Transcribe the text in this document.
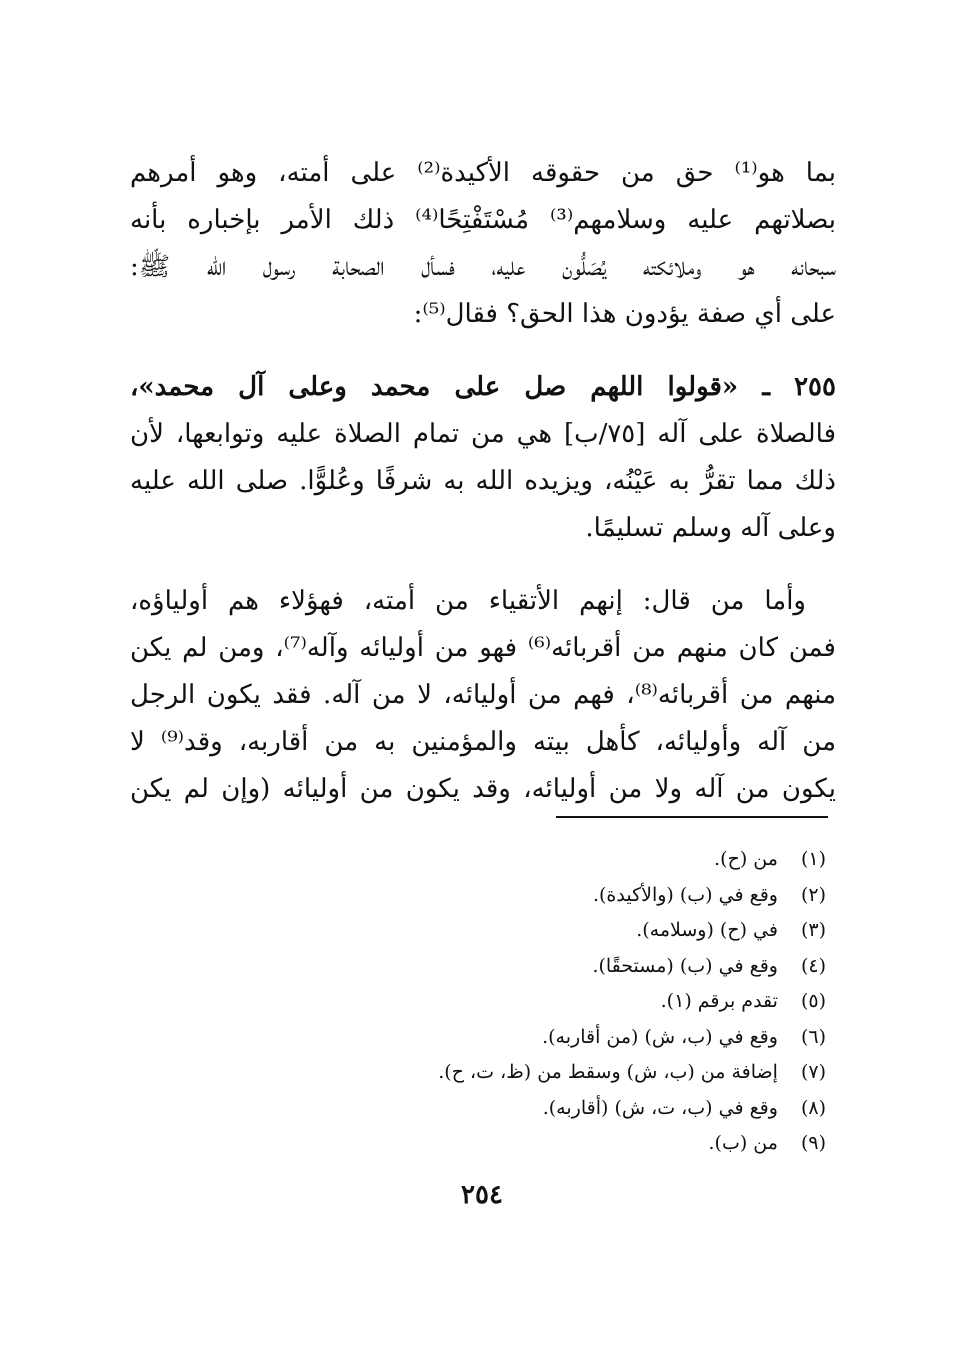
بما هو⁽¹⁾ حق من حقوقه الأكيدة⁽²⁾ على أمته، وهو أمرهم
بصلاتهم عليه وسلامهم⁽³⁾ مُسْتَفْتِحًا⁽⁴⁾ ذلك الأمر بإخباره بأنه
سبحانه هو وملائكته يُصَلُّون عليه، فسأل الصحابة رسول الله ﷺ:
على أي صفة يؤدون هذا الحق؟ فقال⁽⁵⁾:
٢٥٥ ـ «قولوا اللهم صل على محمد وعلى آل محمد»،
فالصلاة على آله [٧٥/ب] هي من تمام الصلاة عليه وتوابعها، لأن
ذلك مما تقرُّ به عَيْنُه، ويزيده الله به شرفًا وعُلوًّا. صلى الله عليه
وعلى آله وسلم تسليمًا.
وأما من قال: إنهم الأتقياء من أمته، فهؤلاء هم أولياؤه،
فمن كان منهم من أقربائه⁽⁶⁾ فهو من أوليائه وآله⁽⁷⁾، ومن لم يكن
منهم من أقربائه⁽⁸⁾، فهم من أوليائه، لا من آله. فقد يكون الرجل
من آله وأوليائه، كأهل بيته والمؤمنين به من أقاربه، وقد⁽⁹⁾ لا
يكون من آله ولا من أوليائه، وقد يكون من أوليائه (وإن لم يكن
(١) من (ح).
(٢) وقع في (ب) (والأكيدة).
(٣) في (ح) (وسلامه).
(٤) وقع في (ب) (مستحقًا).
(٥) تقدم برقم (١).
(٦) وقع في (ب، ش) (من أقاربه).
(٧) إضافة من (ب، ش) وسقط من (ظ، ت، ح).
(٨) وقع في (ب، ت، ش) (أقاربه).
(٩) من (ب).
٢٥٤
